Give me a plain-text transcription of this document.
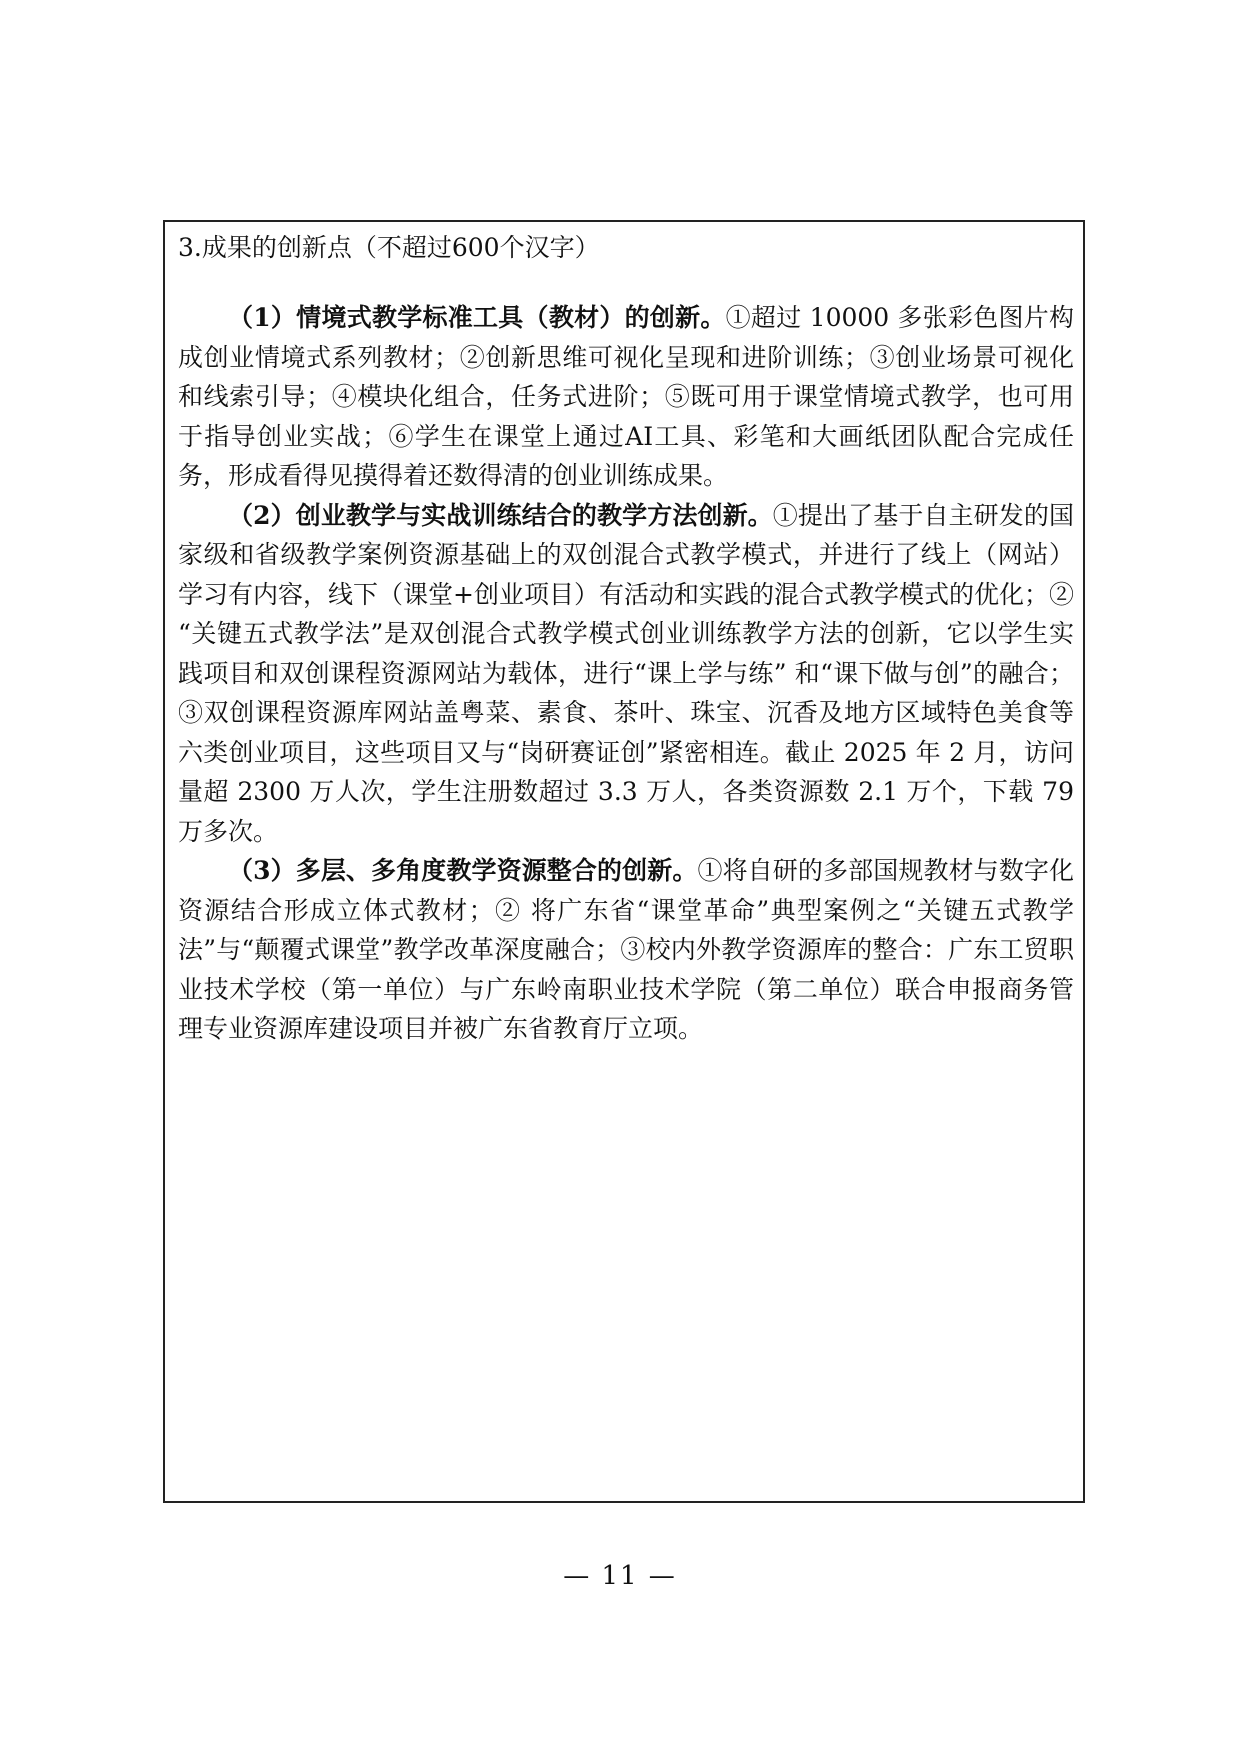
3.成果的创新点（不超过600个汉字）

（1）情境式教学标准工具（教材）的创新。①超过 10000 多张彩色图片构成创业情境式系列教材；②创新思维可视化呈现和进阶训练；③创业场景可视化和线索引导；④模块化组合，任务式进阶；⑤既可用于课堂情境式教学，也可用于指导创业实战；⑥学生在课堂上通过AI工具、彩笔和大画纸团队配合完成任务，形成看得见摸得着还数得清的创业训练成果。

（2）创业教学与实战训练结合的教学方法创新。①提出了基于自主研发的国家级和省级教学案例资源基础上的双创混合式教学模式，并进行了线上（网站）学习有内容，线下（课堂+创业项目）有活动和实践的混合式教学模式的优化；② “关键五式教学法”是双创混合式教学模式创业训练教学方法的创新，它以学生实践项目和双创课程资源网站为载体，进行“课上学与练” 和“课下做与创”的融合；③双创课程资源库网站盖粤菜、素食、茶叶、珠宝、沉香及地方区域特色美食等六类创业项目，这些项目又与“岗研赛证创”紧密相连。截止 2025 年 2 月，访问量超 2300 万人次，学生注册数超过 3.3 万人，各类资源数 2.1 万个，下载 79 万多次。

（3）多层、多角度教学资源整合的创新。①将自研的多部国规教材与数字化资源结合形成立体式教材；② 将广东省“课堂革命”典型案例之“关键五式教学法”与“颠覆式课堂”教学改革深度融合；③校内外教学资源库的整合：广东工贸职业技术学校（第一单位）与广东岭南职业技术学院（第二单位）联合申报商务管理专业资源库建设项目并被广东省教育厅立项。

— 11 —
